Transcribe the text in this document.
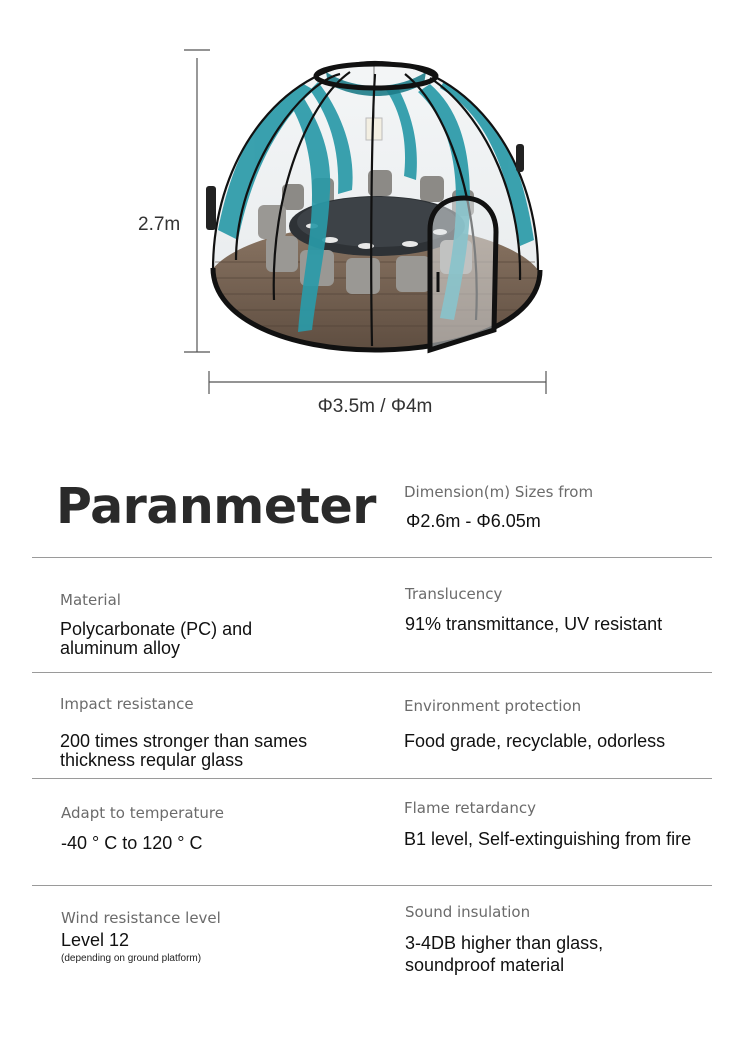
2.7m
Φ3.5m / Φ4m
Paranmeter Dimension(m) Sizes from
Φ2.6m - Φ6.05m
Material
Polycarbonate (PC) and
aluminum alloy
Translucency
91% transmittance, UV resistant
Impact resistance
200 times stronger than sames
thickness reqular glass
Environment protection
Food grade, recyclable, odorless
Adapt to temperature
-40 ° C to 120 ° C
Flame retardancy
B1 level, Self-extinguishing from fire
Wind resistance level
Level 12
(depending on ground platform)
Sound insulation
3-4DB higher than glass,
soundproof material
